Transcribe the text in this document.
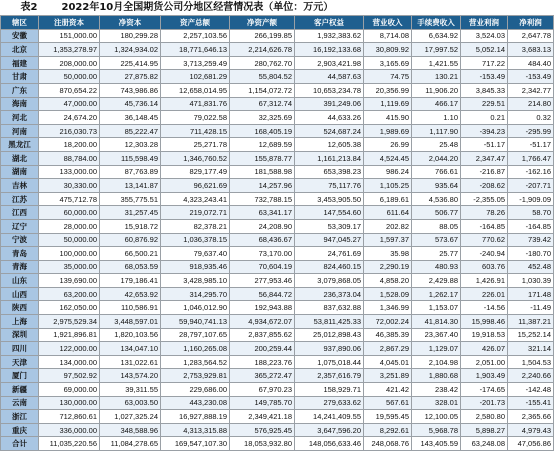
表2 2022年10月全国期货公司分地区经营情况表（单位：万元）
辖区	注册资本	净资本	资产总额	净资产额	客户权益	营业收入	手续费收入	营业利润	净利润
安徽	151,000.00	180,299.28	2,257,103.56	266,199.85	1,932,383.62	8,714.08	6,634.92	3,524.03	2,647.78
北京	1,353,278.97	1,324,934.02	18,771,646.13	2,214,626.78	16,192,133.68	30,809.92	17,997.52	5,052.14	3,683.13
福建	208,000.00	225,414.95	3,713,259.49	280,762.70	2,903,421.98	3,165.69	1,421.55	717.22	484.40
甘肃	50,000.00	27,875.82	102,681.29	55,804.52	44,587.63	74.75	130.21	-153.49	-153.49
广东	870,654.22	743,986.86	12,658,014.95	1,154,072.72	10,653,234.78	20,356.99	11,906.20	3,845.33	2,342.77
海南	47,000.00	45,736.14	471,831.76	67,312.74	391,249.06	1,119.69	466.17	229.51	214.80
河北	24,674.20	36,148.45	79,022.58	32,325.69	44,633.26	415.90	1.10	0.21	0.32
河南	216,030.73	85,222.47	711,428.15	168,405.19	524,687.24	1,989.69	1,117.90	-394.23	-295.99
黑龙江	18,200.00	12,303.28	25,271.78	12,689.59	12,605.38	26.99	25.48	-51.17	-51.17
湖北	88,784.00	115,598.49	1,346,760.52	155,878.77	1,161,213.84	4,524.45	2,044.20	2,347.47	1,766.47
湖南	133,000.00	87,763.89	829,177.49	181,588.98	653,398.23	986.24	766.61	-216.87	-162.16
吉林	30,330.00	13,141.87	96,621.69	14,257.96	75,117.76	1,105.25	935.64	-208.62	-207.71
江苏	475,712.78	355,775.51	4,323,243.41	732,788.15	3,453,905.50	6,189.61	4,536.80	-2,355.05	-1,909.09
江西	60,000.00	31,257.45	219,072.71	63,341.17	147,554.60	611.64	506.77	78.26	58.70
辽宁	28,000.00	15,918.72	82,378.21	24,208.90	53,309.17	202.82	88.05	-164.85	-164.85
宁波	50,000.00	60,876.92	1,036,378.15	68,436.67	947,045.27	1,597.37	573.67	770.62	739.42
青岛	100,000.00	66,500.21	79,637.40	73,170.00	24,761.69	35.98	25.77	-240.94	-180.70
青海	35,000.00	68,053.59	918,935.46	70,604.19	824,460.15	2,290.19	480.93	603.76	452.48
山东	139,690.00	179,186.41	3,428,985.10	277,953.46	3,079,868.05	4,858.20	2,429.88	1,426.91	1,030.39
山西	63,200.00	42,653.92	314,295.70	56,844.72	236,373.04	1,528.09	1,262.17	226.01	171.48
陕西	162,050.00	110,586.91	1,046,012.90	192,943.88	837,632.88	1,346.99	1,153.07	-14.56	-11.49
上海	2,975,529.34	3,448,597.01	59,940,741.13	4,934,672.07	53,811,425.33	72,002.24	41,814.30	15,998.46	11,387.21
深圳	1,921,896.81	1,820,103.56	28,797,107.65	2,837,855.62	25,012,898.43	46,385.39	23,367.40	19,918.53	15,252.14
四川	122,000.00	134,047.10	1,160,265.08	200,259.44	937,890.06	2,867.29	1,129.07	426.07	321.14
天津	134,000.00	131,022.61	1,283,564.52	188,223.76	1,075,018.44	4,045.01	2,104.98	2,051.00	1,504.53
厦门	97,502.92	143,574.20	2,753,929.81	365,272.47	2,357,616.79	3,251.89	1,880.68	1,903.49	2,240.66
新疆	69,000.00	39,311.55	229,686.00	67,970.23	158,929.71	421.42	238.42	-174.65	-142.48
云南	130,000.00	63,003.50	443,230.08	149,785.70	279,633.62	567.61	328.01	-201.73	-155.41
浙江	712,860.61	1,027,325.24	16,927,888.19	2,349,421.18	14,241,409.55	19,595.45	12,100.05	2,580.80	2,365.66
重庆	336,000.00	348,588.96	4,313,315.88	576,925.45	3,647,596.20	8,292.61	5,968.78	5,898.27	4,979.43
合计	11,035,220.56	11,084,278.65	169,547,107.30	18,053,932.80	148,056,633.46	248,068.76	143,405.59	63,248.08	47,056.86
